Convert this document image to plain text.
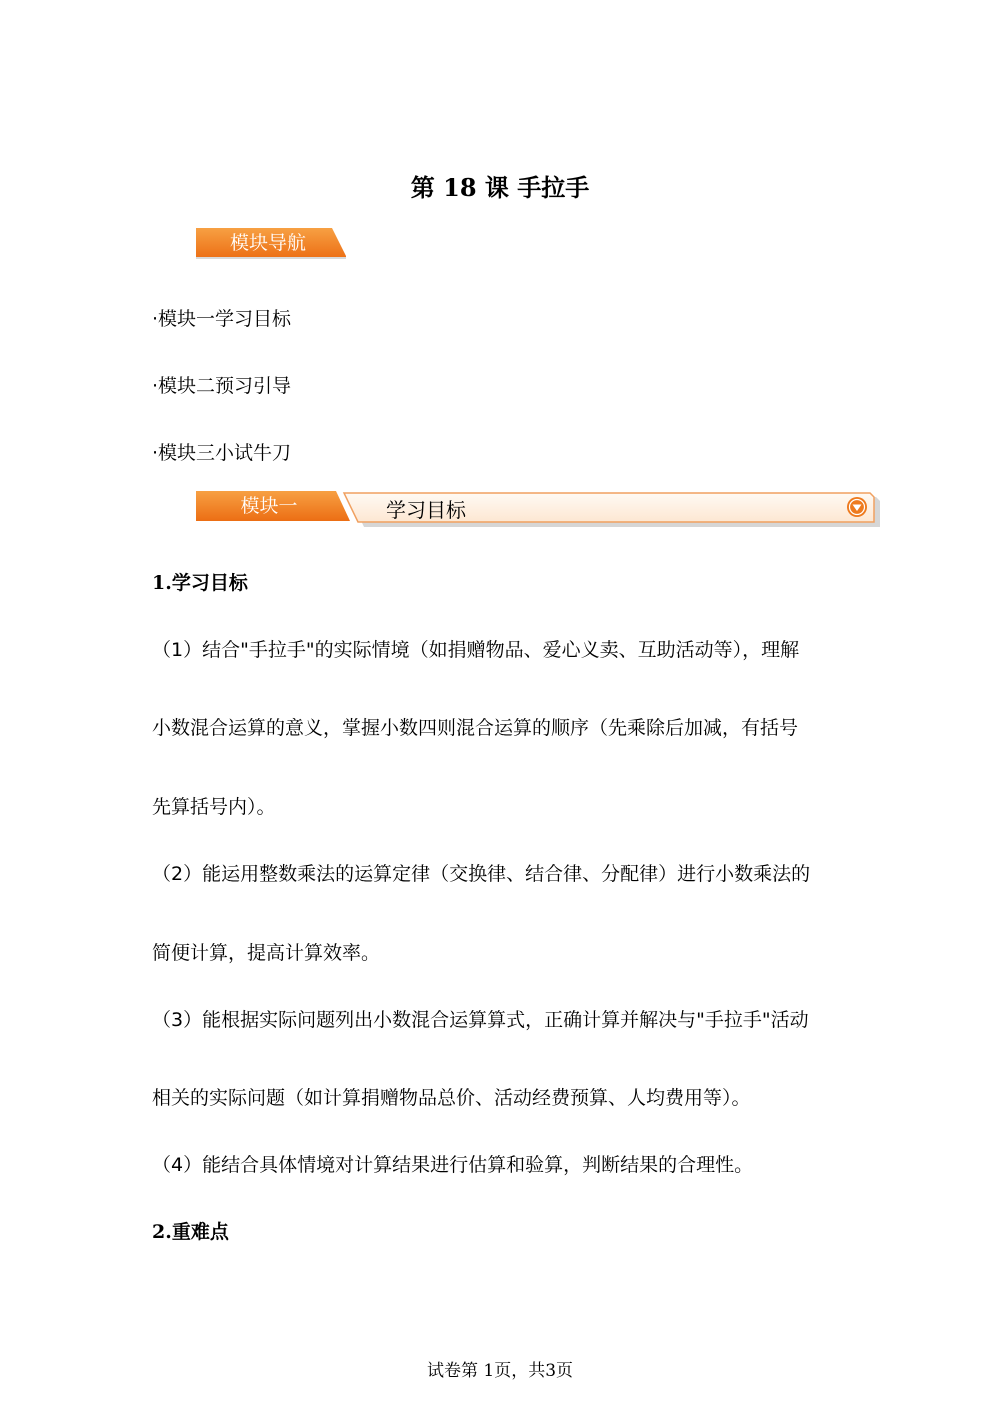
第 18 课 手拉手
模块导航
·模块一学习目标
·模块二预习引导
·模块三小试牛刀
模块一	学习目标
1.学习目标
（1）结合"手拉手"的实际情境（如捐赠物品、爱心义卖、互助活动等），理解
小数混合运算的意义，掌握小数四则混合运算的顺序（先乘除后加减，有括号
先算括号内）。
（2）能运用整数乘法的运算定律（交换律、结合律、分配律）进行小数乘法的
简便计算，提高计算效率。
（3）能根据实际问题列出小数混合运算算式，正确计算并解决与"手拉手"活动
相关的实际问题（如计算捐赠物品总价、活动经费预算、人均费用等）。
（4）能结合具体情境对计算结果进行估算和验算，判断结果的合理性。
2.重难点
试卷第 1页，共3页
